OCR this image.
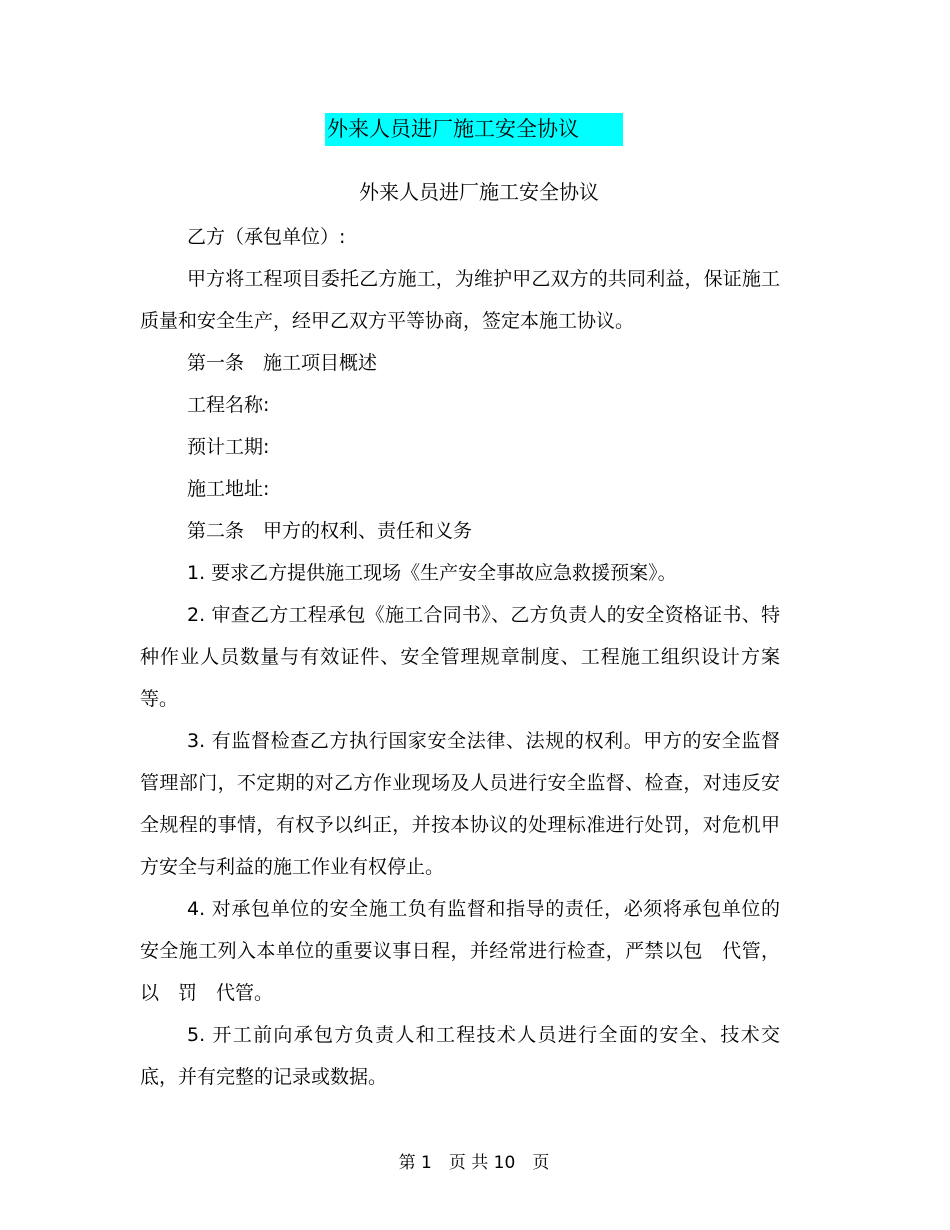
外来人员进厂施工安全协议
外来人员进厂施工安全协议

乙方（承包单位）:

甲方将工程项目委托乙方施工，为维护甲乙双方的共同利益，保证施工质量和安全生产，经甲乙双方平等协商，签定本施工协议。

第一条　施工项目概述

工程名称:

预计工期:

施工地址:

第二条　甲方的权利、责任和义务

1. 要求乙方提供施工现场《生产安全事故应急救援预案》。

2. 审查乙方工程承包《施工合同书》、乙方负责人的安全资格证书、特种作业人员数量与有效证件、安全管理规章制度、工程施工组织设计方案等。

3. 有监督检查乙方执行国家安全法律、法规的权利。甲方的安全监督管理部门，不定期的对乙方作业现场及人员进行安全监督、检查，对违反安全规程的事情，有权予以纠正，并按本协议的处理标准进行处罚，对危机甲方安全与利益的施工作业有权停止。

4. 对承包单位的安全施工负有监督和指导的责任，必须将承包单位的安全施工列入本单位的重要议事日程，并经常进行检查，严禁以包　代管，以　罚　代管。

5. 开工前向承包方负责人和工程技术人员进行全面的安全、技术交底，并有完整的记录或数据。

第 1　页 共 10　页
